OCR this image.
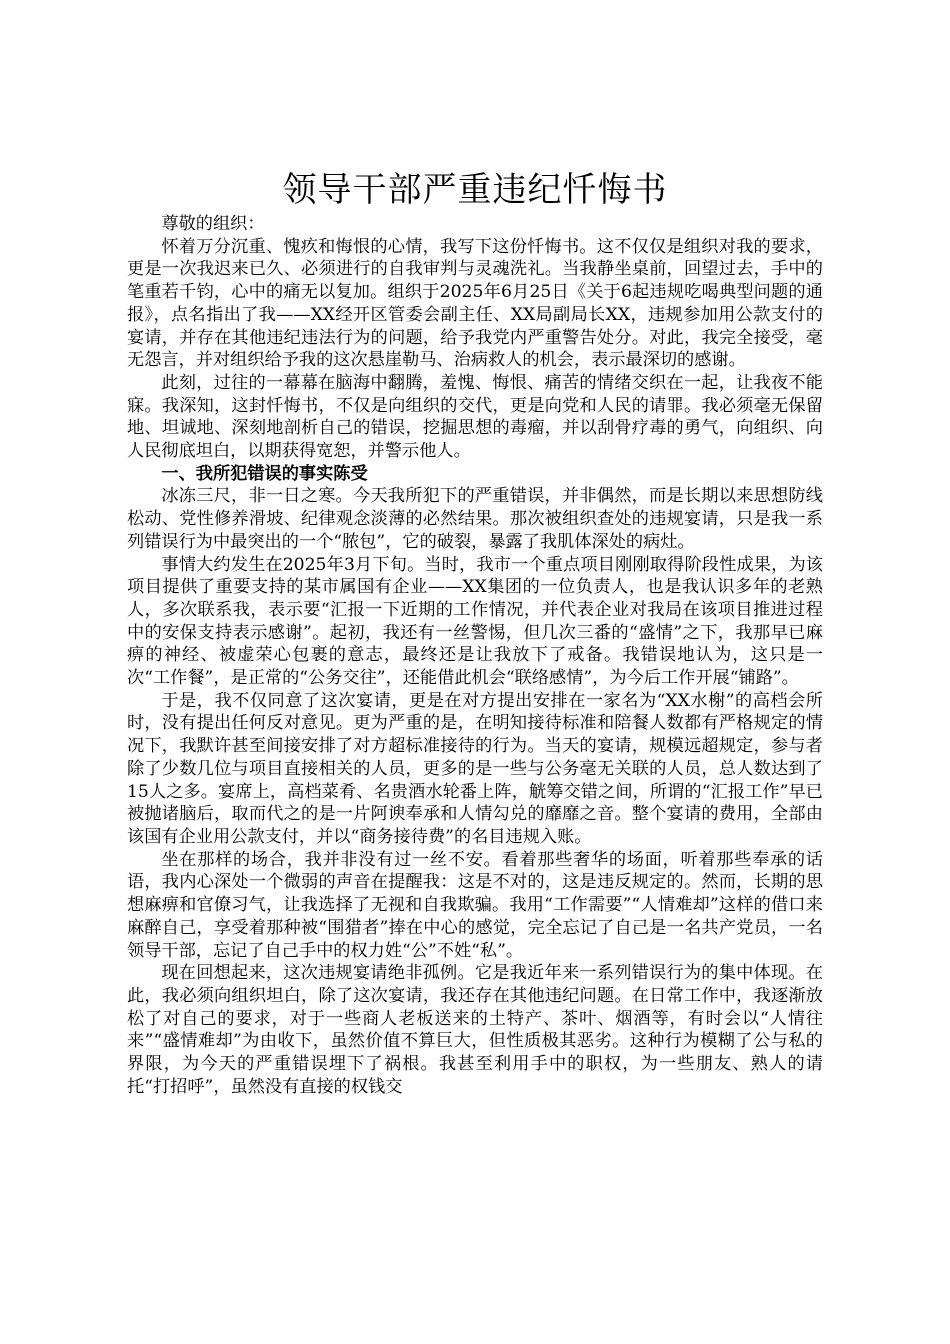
领导干部严重违纪忏悔书

尊敬的组织：

怀着万分沉重、愧疚和悔恨的心情，我写下这份忏悔书。这不仅仅是组织对我的要求，更是一次我迟来已久、必须进行的自我审判与灵魂洗礼。当我静坐桌前，回望过去，手中的笔重若千钧，心中的痛无以复加。组织于2025年6月25日《关于6起违规吃喝典型问题的通报》，点名指出了我——XX经开区管委会副主任、XX局副局长XX，违规参加用公款支付的宴请，并存在其他违纪违法行为的问题，给予我党内严重警告处分。对此，我完全接受，毫无怨言，并对组织给予我的这次悬崖勒马、治病救人的机会，表示最深切的感谢。

此刻，过往的一幕幕在脑海中翻腾，羞愧、悔恨、痛苦的情绪交织在一起，让我夜不能寐。我深知，这封忏悔书，不仅是向组织的交代，更是向党和人民的请罪。我必须毫无保留地、坦诚地、深刻地剖析自己的错误，挖掘思想的毒瘤，并以刮骨疗毒的勇气，向组织、向人民彻底坦白，以期获得宽恕，并警示他人。

一、我所犯错误的事实陈受

冰冻三尺，非一日之寒。今天我所犯下的严重错误，并非偶然，而是长期以来思想防线松动、党性修养滑坡、纪律观念淡薄的必然结果。那次被组织查处的违规宴请，只是我一系列错误行为中最突出的一个“脓包”，它的破裂，暴露了我肌体深处的病灶。

事情大约发生在2025年3月下旬。当时，我市一个重点项目刚刚取得阶段性成果，为该项目提供了重要支持的某市属国有企业——XX集团的一位负责人，也是我认识多年的老熟人，多次联系我，表示要“汇报一下近期的工作情况，并代表企业对我局在该项目推进过程中的安保支持表示感谢”。起初，我还有一丝警惕，但几次三番的“盛情”之下，我那早已麻痹的神经、被虚荣心包裹的意志，最终还是让我放下了戒备。我错误地认为，这只是一次“工作餐”，是正常的“公务交往”，还能借此机会“联络感情”，为今后工作开展“铺路”。

于是，我不仅同意了这次宴请，更是在对方提出安排在一家名为“XX水榭”的高档会所时，没有提出任何反对意见。更为严重的是，在明知接待标准和陪餐人数都有严格规定的情况下，我默许甚至间接安排了对方超标准接待的行为。当天的宴请，规模远超规定，参与者除了少数几位与项目直接相关的人员，更多的是一些与公务毫无关联的人员，总人数达到了15人之多。宴席上，高档菜肴、名贵酒水轮番上阵，觥筹交错之间，所谓的“汇报工作”早已被抛诸脑后，取而代之的是一片阿谀奉承和人情勾兑的靡靡之音。整个宴请的费用，全部由该国有企业用公款支付，并以“商务接待费”的名目违规入账。

坐在那样的场合，我并非没有过一丝不安。看着那些奢华的场面，听着那些奉承的话语，我内心深处一个微弱的声音在提醒我：这是不对的，这是违反规定的。然而，长期的思想麻痹和官僚习气，让我选择了无视和自我欺骗。我用“工作需要”“人情难却”这样的借口来麻醉自己，享受着那种被“围猎者”捧在中心的感觉，完全忘记了自己是一名共产党员，一名领导干部，忘记了自己手中的权力姓“公”不姓“私”。

现在回想起来，这次违规宴请绝非孤例。它是我近年来一系列错误行为的集中体现。在此，我必须向组织坦白，除了这次宴请，我还存在其他违纪问题。在日常工作中，我逐渐放松了对自己的要求，对于一些商人老板送来的土特产、茶叶、烟酒等，有时会以“人情往来”“盛情难却”为由收下，虽然价值不算巨大，但性质极其恶劣。这种行为模糊了公与私的界限，为今天的严重错误埋下了祸根。我甚至利用手中的职权，为一些朋友、熟人的请托“打招呼”，虽然没有直接的权钱交
